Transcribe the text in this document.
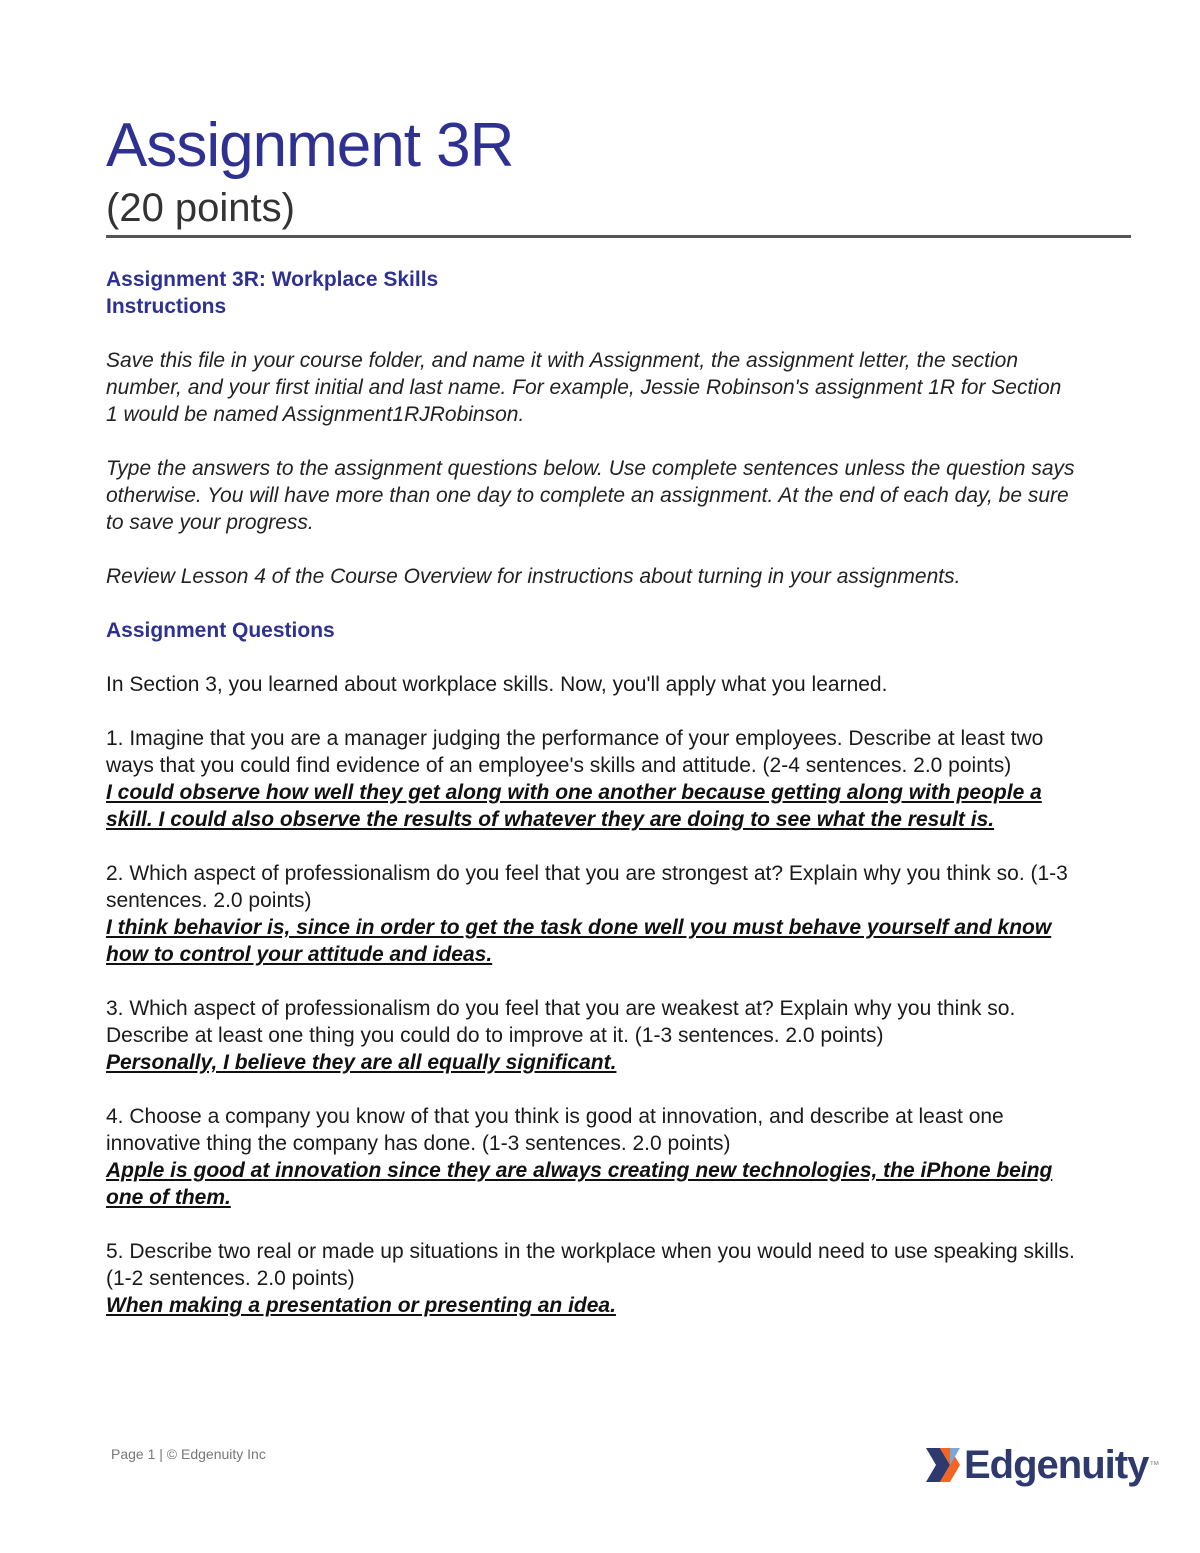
Assignment 3R
(20 points)

Assignment 3R: Workplace Skills

Instructions

Save this file in your course folder, and name it with Assignment, the assignment letter, the section number, and your first initial and last name. For example, Jessie Robinson's assignment 1R for Section 1 would be named Assignment1RJRobinson.

Type the answers to the assignment questions below. Use complete sentences unless the question says otherwise. You will have more than one day to complete an assignment. At the end of each day, be sure to save your progress.

Review Lesson 4 of the Course Overview for instructions about turning in your assignments.

Assignment Questions

In Section 3, you learned about workplace skills. Now, you'll apply what you learned.

1. Imagine that you are a manager judging the performance of your employees. Describe at least two ways that you could find evidence of an employee's skills and attitude. (2-4 sentences. 2.0 points)

I could observe how well they get along with one another because getting along with people a skill. I could also observe the results of whatever they are doing to see what the result is.

2. Which aspect of professionalism do you feel that you are strongest at? Explain why you think so. (1-3 sentences. 2.0 points)

I think behavior is, since in order to get the task done well you must behave yourself and know how to control your attitude and ideas.

3. Which aspect of professionalism do you feel that you are weakest at? Explain why you think so. Describe at least one thing you could do to improve at it. (1-3 sentences. 2.0 points)

Personally, I believe they are all equally significant.

4. Choose a company you know of that you think is good at innovation, and describe at least one innovative thing the company has done. (1-3 sentences. 2.0 points)

Apple is good at innovation since they are always creating new technologies, the iPhone being one of them.

5. Describe two real or made up situations in the workplace when you would need to use speaking skills. (1-2 sentences. 2.0 points)

When making a presentation or presenting an idea.

Page 1 | © Edgenuity Inc	Edgenuity ™
